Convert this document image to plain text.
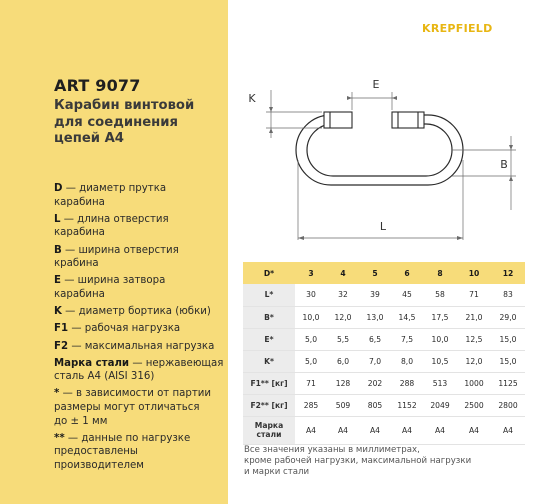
ART 9077
Карабин винтовой
для соединения
цепей А4
D — диаметр прутка
карабина
L — длина отверстия
карабина
B — ширина отверстия
крабина
E — ширина затвора
карабина
K — диаметр бортика (юбки)
F1 — рабочая нагрузка
F2 — максимальная нагрузка
Марка стали — нержавеющая
сталь А4 (AISI 316)
* — в зависимости от партии
размеры могут отличаться
до ± 1 мм
** — данные по нагрузке
предоставлены
производителем
KREPFIELD
E
K
B
L
D*	3	4	5	6	8	10	12
L*	30	32	39	45	58	71	83
B*	10,0	12,0	13,0	14,5	17,5	21,0	29,0
E*	5,0	5,5	6,5	7,5	10,0	12,5	15,0
K*	5,0	6,0	7,0	8,0	10,5	12,0	15,0
F1** [кг]	71	128	202	288	513	1000	1125
F2** [кг]	285	509	805	1152	2049	2500	2800
Марка стали	А4	А4	А4	А4	А4	А4	А4
Все значения указаны в миллиметрах,
кроме рабочей нагрузки, максимальной нагрузки
и марки стали
